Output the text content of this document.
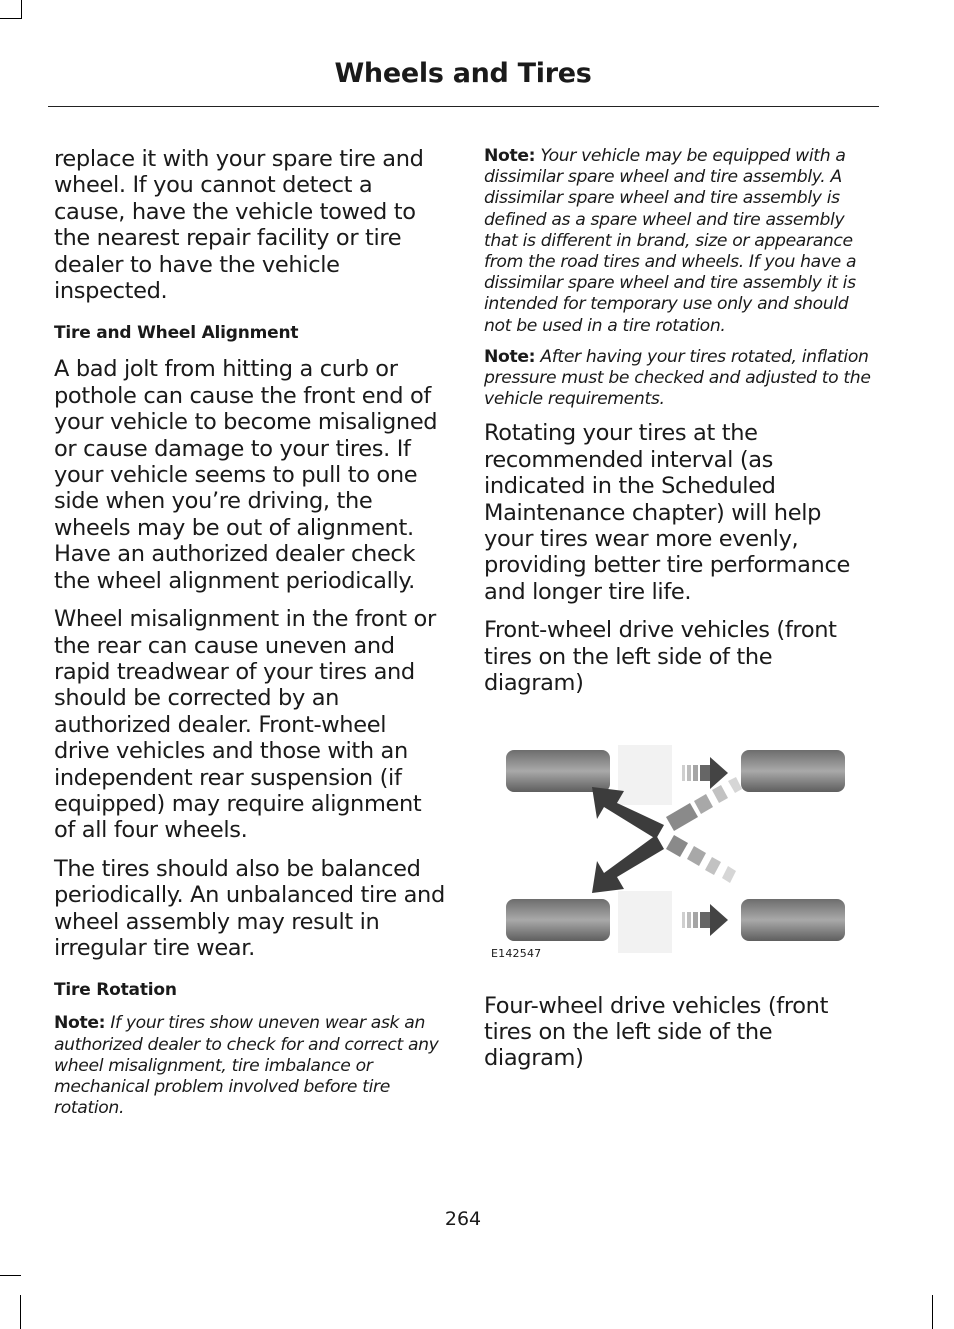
Wheels and Tires

replace it with your spare tire and wheel. If you cannot detect a cause, have the vehicle towed to the nearest repair facility or tire dealer to have the vehicle inspected.

Tire and Wheel Alignment

A bad jolt from hitting a curb or pothole can cause the front end of your vehicle to become misaligned or cause damage to your tires. If your vehicle seems to pull to one side when you’re driving, the wheels may be out of alignment. Have an authorized dealer check the wheel alignment periodically.

Wheel misalignment in the front or the rear can cause uneven and rapid treadwear of your tires and should be corrected by an authorized dealer. Front-wheel drive vehicles and those with an independent rear suspension (if equipped) may require alignment of all four wheels.

The tires should also be balanced periodically. An unbalanced tire and wheel assembly may result in irregular tire wear.

Tire Rotation

Note: If your tires show uneven wear ask an authorized dealer to check for and correct any wheel misalignment, tire imbalance or mechanical problem involved before tire rotation.

Note: Your vehicle may be equipped with a dissimilar spare wheel and tire assembly. A dissimilar spare wheel and tire assembly is defined as a spare wheel and tire assembly that is different in brand, size or appearance from the road tires and wheels. If you have a dissimilar spare wheel and tire assembly it is intended for temporary use only and should not be used in a tire rotation.

Note: After having your tires rotated, inflation pressure must be checked and adjusted to the vehicle requirements.

Rotating your tires at the recommended interval (as indicated in the Scheduled Maintenance chapter) will help your tires wear more evenly, providing better tire performance and longer tire life.

Front-wheel drive vehicles (front tires on the left side of the diagram)

E142547

Four-wheel drive vehicles (front tires on the left side of the diagram)

264
